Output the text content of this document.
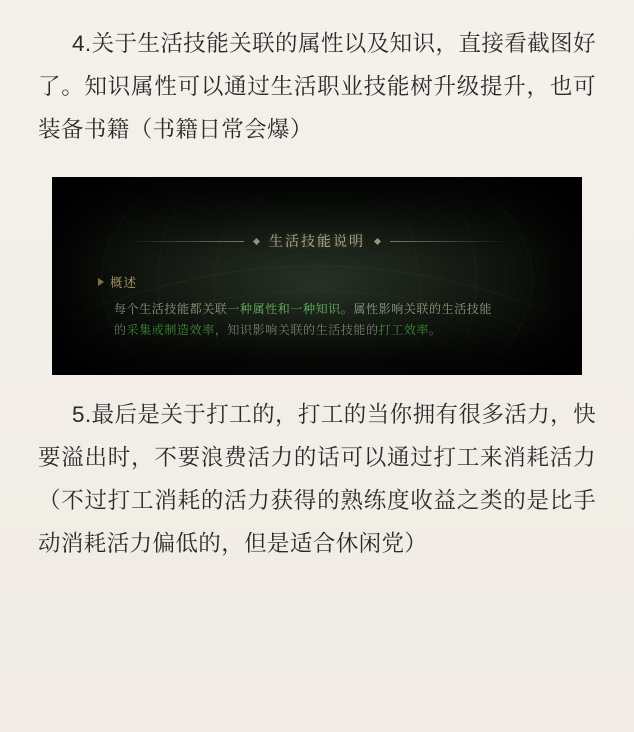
4.关于生活技能关联的属性以及知识，直接看截图好了。知识属性可以通过生活职业技能树升级提升，也可装备书籍（书籍日常会爆）

生活技能说明
概述
每个生活技能都关联一种属性和一种知识。属性影响关联的生活技能
的采集或制造效率，知识影响关联的生活技能的打工效率。

5.最后是关于打工的，打工的当你拥有很多活力，快要溢出时，不要浪费活力的话可以通过打工来消耗活力（不过打工消耗的活力获得的熟练度收益之类的是比手动消耗活力偏低的，但是适合休闲党）
